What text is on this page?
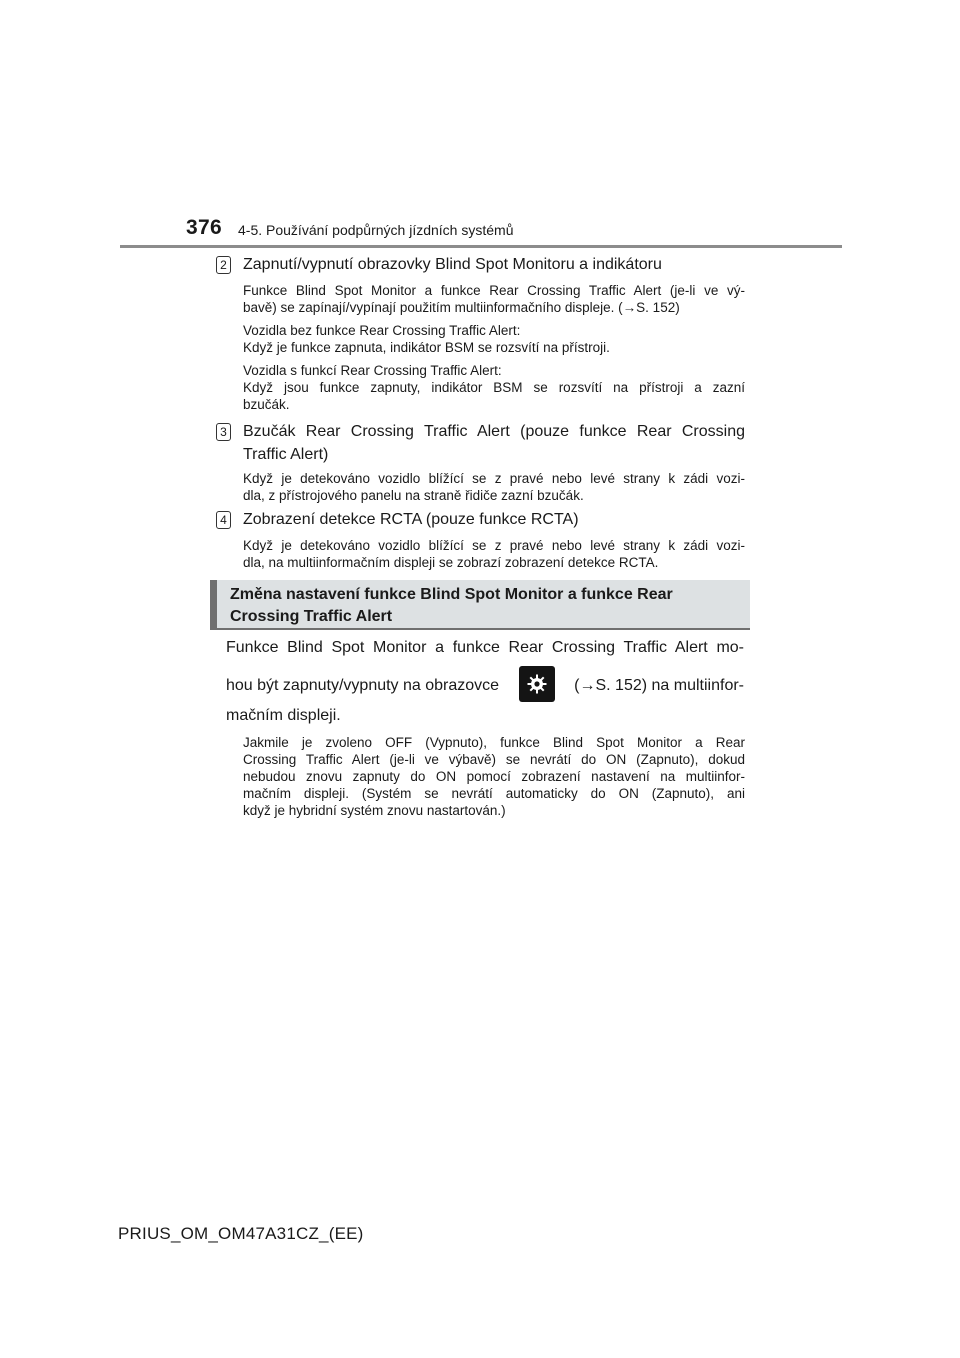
376 4-5. Používání podpůrných jízdních systémů
2 Zapnutí/vypnutí obrazovky Blind Spot Monitoru a indikátoru
Funkce Blind Spot Monitor a funkce Rear Crossing Traffic Alert (je-li ve vý-
bavě) se zapínají/vypínají použitím multiinformačního displeje. (→S. 152)
Vozidla bez funkce Rear Crossing Traffic Alert:
Když je funkce zapnuta, indikátor BSM se rozsvítí na přístroji.
Vozidla s funkcí Rear Crossing Traffic Alert:
Když jsou funkce zapnuty, indikátor BSM se rozsvítí na přístroji a zazní
bzučák.
3 Bzučák Rear Crossing Traffic Alert (pouze funkce Rear Crossing
Traffic Alert)
Když je detekováno vozidlo blížící se z pravé nebo levé strany k zádi vozi-
dla, z přístrojového panelu na straně řidiče zazní bzučák.
4 Zobrazení detekce RCTA (pouze funkce RCTA)
Když je detekováno vozidlo blížící se z pravé nebo levé strany k zádi vozi-
dla, na multiinformačním displeji se zobrazí zobrazení detekce RCTA.
Změna nastavení funkce Blind Spot Monitor a funkce Rear
Crossing Traffic Alert
Funkce Blind Spot Monitor a funkce Rear Crossing Traffic Alert mo-
hou být zapnuty/vypnuty na obrazovce	(→S. 152) na multiinfor-
mačním displeji.
Jakmile je zvoleno OFF (Vypnuto), funkce Blind Spot Monitor a Rear
Crossing Traffic Alert (je-li ve výbavě) se nevrátí do ON (Zapnuto), dokud
nebudou znovu zapnuty do ON pomocí zobrazení nastavení na multiinfor-
mačním displeji. (Systém se nevrátí automaticky do ON (Zapnuto), ani
když je hybridní systém znovu nastartován.)
PRIUS_OM_OM47A31CZ_(EE)
